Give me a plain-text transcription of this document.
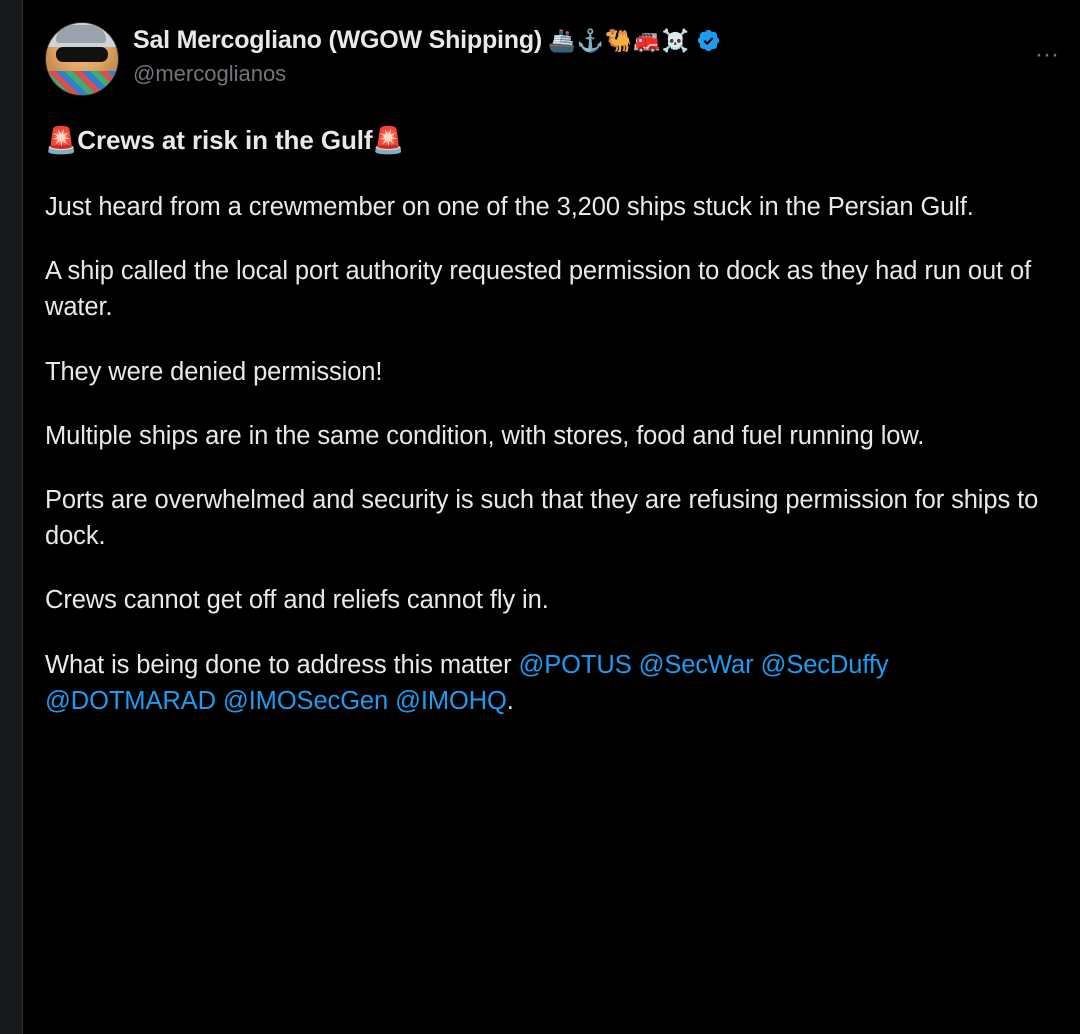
Sal Mercogliano (WGOW Shipping) 🚢⚓🐫🚒☠️
@mercoglianos
···

🚨Crews at risk in the Gulf🚨

Just heard from a crewmember on one of the 3,200 ships stuck in the Persian Gulf.

A ship called the local port authority requested permission to dock as they had run out of water.

They were denied permission!

Multiple ships are in the same condition, with stores, food and fuel running low.

Ports are overwhelmed and security is such that they are refusing permission for ships to dock.

Crews cannot get off and reliefs cannot fly in.

What is being done to address this matter @POTUS @SecWar @SecDuffy @DOTMARAD @IMOSecGen @IMOHQ.
